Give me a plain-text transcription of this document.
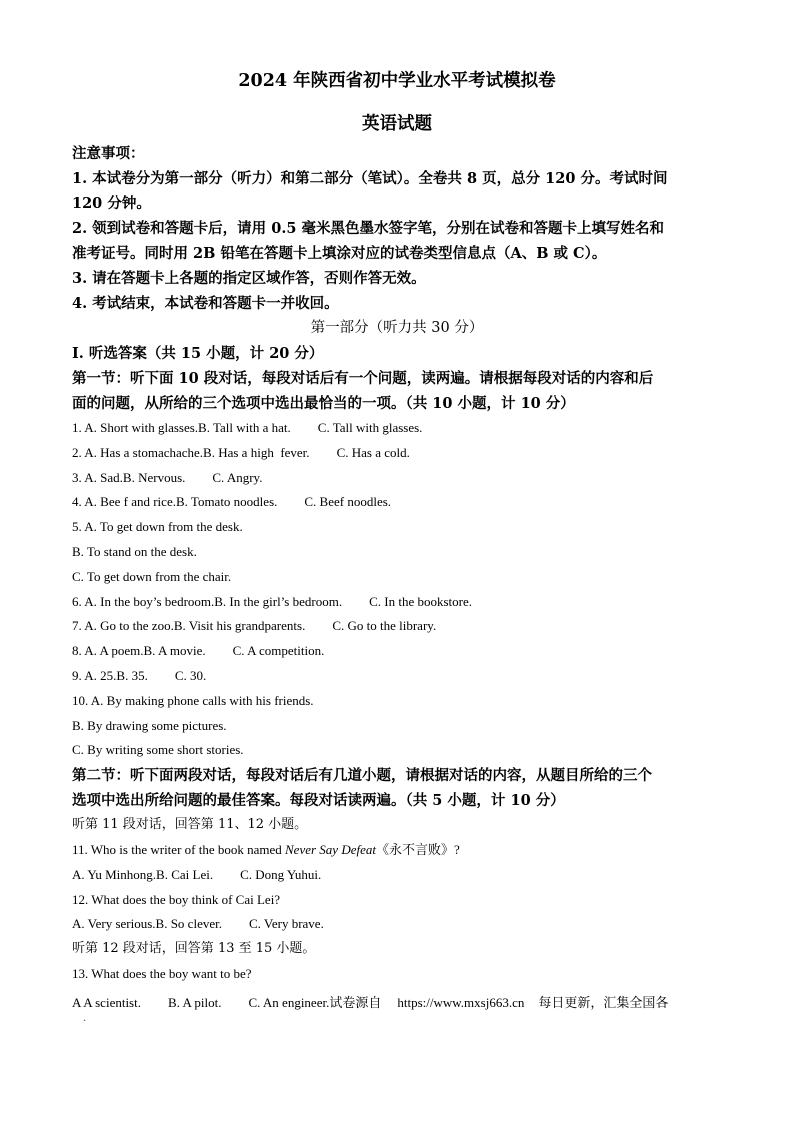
2024 年陕西省初中学业水平考试模拟卷
英语试题
注意事项：
1. 本试卷分为第一部分（听力）和第二部分（笔试）。全卷共 8 页，总分 120 分。考试时间
120 分钟。
2. 领到试卷和答题卡后，请用 0.5 毫米黑色墨水签字笔，分别在试卷和答题卡上填写姓名和
准考证号。同时用 2B 铅笔在答题卡上填涂对应的试卷类型信息点（A、B 或 C）。
3. 请在答题卡上各题的指定区域作答，否则作答无效。
4. 考试结束，本试卷和答题卡一并收回。
第一部分（听力共 30 分）
I. 听选答案（共 15 小题，计 20 分）
第一节：听下面 10 段对话，每段对话后有一个问题，读两遍。请根据每段对话的内容和后
面的问题，从所给的三个选项中选出最恰当的一项。（共 10 小题，计 10 分）
1. A. Short with glasses.B. Tall with a hat. C. Tall with glasses.
2. A. Has a stomachache.B. Has a high  fever. C. Has a cold.
3. A. Sad.B. Nervous. C. Angry.
4. A. Bee f and rice.B. Tomato noodles. C. Beef noodles.
5. A. To get down from the desk.
B. To stand on the desk.
C. To get down from the chair.
6. A. In the boy’s bedroom.B. In the girl’s bedroom. C. In the bookstore.
7. A. Go to the zoo.B. Visit his grandparents. C. Go to the library.
8. A. A poem.B. A movie. C. A competition.
9. A. 25.B. 35. C. 30.
10. A. By making phone calls with his friends.
B. By drawing some pictures.
C. By writing some short stories.
第二节：听下面两段对话，每段对话后有几道小题，请根据对话的内容，从题目所给的三个
选项中选出所给问题的最佳答案。每段对话读两遍。（共 5 小题，计 10 分）
听第 11 段对话，回答第 11、12 小题。
11. Who is the writer of the book named Never Say Defeat《永不言败》?
A. Yu Minhong.B. Cai Lei. C. Dong Yuhui.
12. What does the boy think of Cai Lei?
A. Very serious.B. So clever. C. Very brave.
听第 12 段对话，回答第 13 至 15 小题。
13. What does the boy want to be?
A A scientist. B. A pilot. C. An engineer.试卷源自 https://www.mxsj663.cn 每日更新，汇集全国各
·
